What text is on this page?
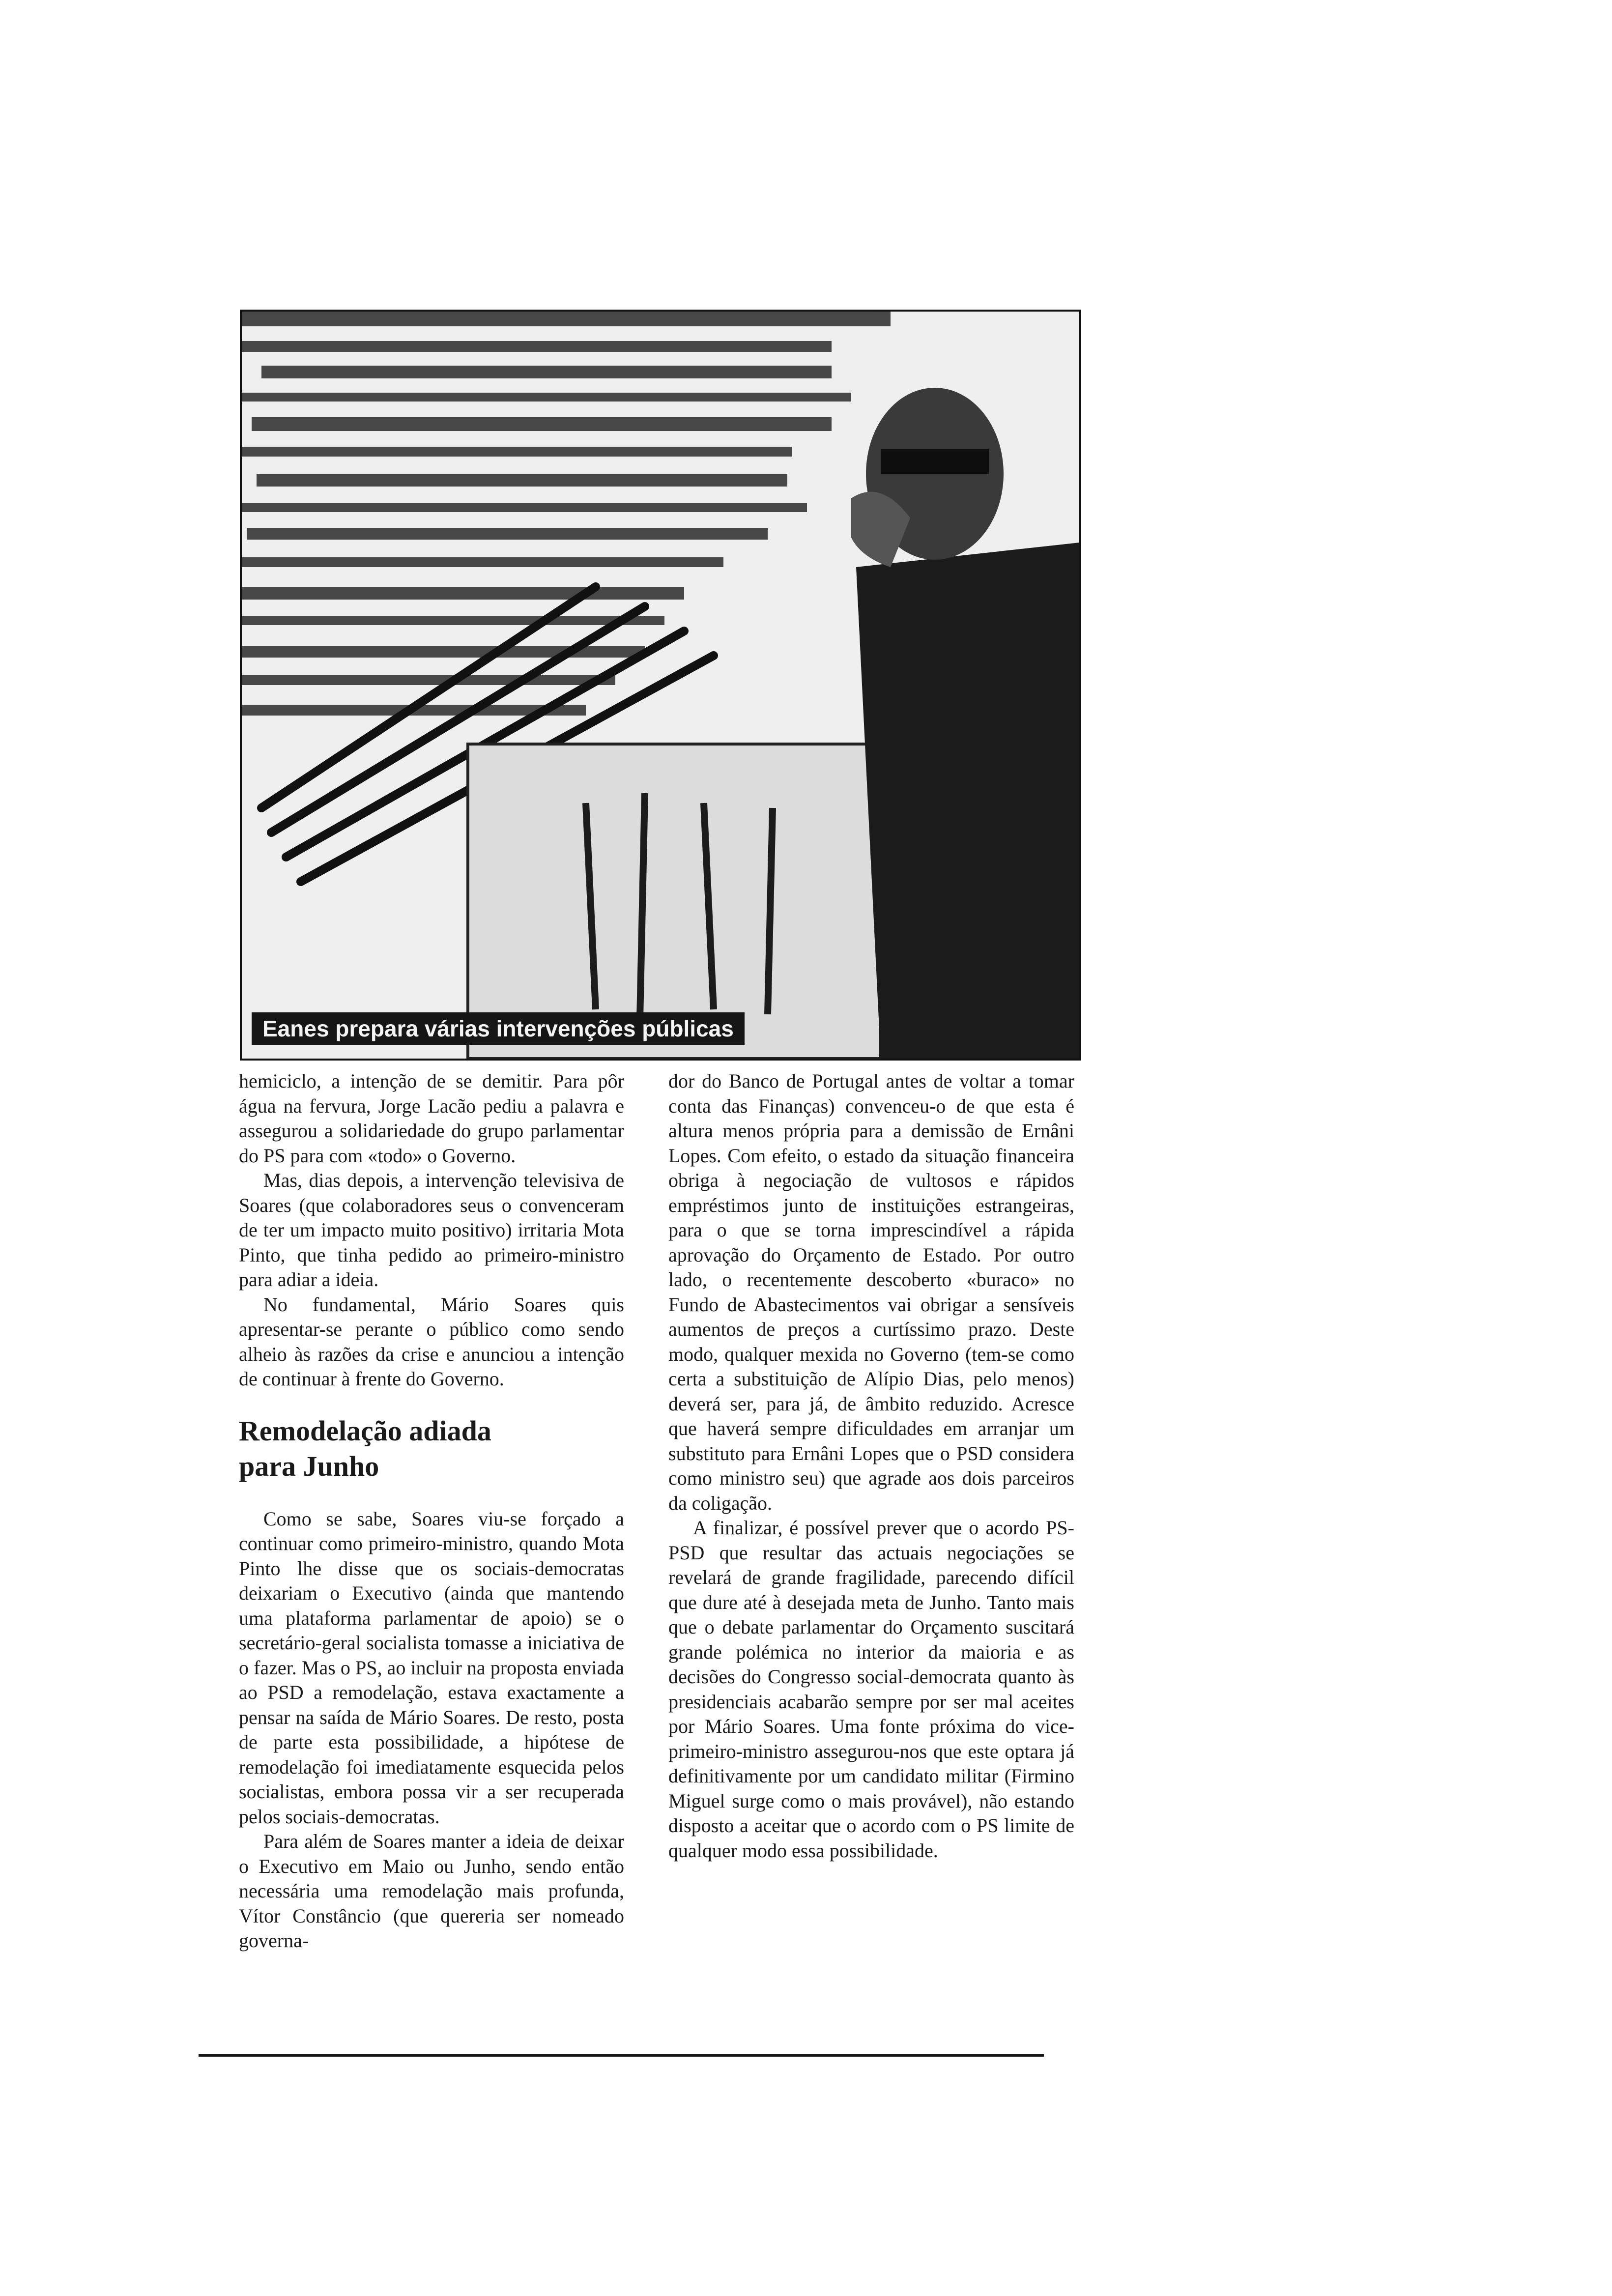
Eanes prepara várias intervenções públicas

hemiciclo, a intenção de se demitir. Para pôr água na fervura, Jorge Lacão pediu a palavra e assegurou a solidariedade do grupo parlamentar do PS para com «todo» o Governo.

Mas, dias depois, a intervenção televisiva de Soares (que colaboradores seus o convenceram de ter um impacto muito positivo) irritaria Mota Pinto, que tinha pedido ao primeiro-ministro para adiar a ideia.

No fundamental, Mário Soares quis apresentar-se perante o público como sendo alheio às razões da crise e anunciou a intenção de continuar à frente do Governo.

Remodelação adiada para Junho

Como se sabe, Soares viu-se forçado a continuar como primeiro-ministro, quando Mota Pinto lhe disse que os sociais-democratas deixariam o Executivo (ainda que mantendo uma plataforma parlamentar de apoio) se o secretário-geral socialista tomasse a iniciativa de o fazer. Mas o PS, ao incluir na proposta enviada ao PSD a remodelação, estava exactamente a pensar na saída de Mário Soares. De resto, posta de parte esta possibilidade, a hipótese de remodelação foi imediatamente esquecida pelos socialistas, embora possa vir a ser recuperada pelos sociais-democratas.

Para além de Soares manter a ideia de deixar o Executivo em Maio ou Junho, sendo então necessária uma remodelação mais profunda, Vítor Constâncio (que quereria ser nomeado governa-

dor do Banco de Portugal antes de voltar a tomar conta das Finanças) convenceu-o de que esta é altura menos própria para a demissão de Ernâni Lopes. Com efeito, o estado da situação financeira obriga à negociação de vultosos e rápidos empréstimos junto de instituições estrangeiras, para o que se torna imprescindível a rápida aprovação do Orçamento de Estado. Por outro lado, o recentemente descoberto «buraco» no Fundo de Abastecimentos vai obrigar a sensíveis aumentos de preços a curtíssimo prazo. Deste modo, qualquer mexida no Governo (tem-se como certa a substituição de Alípio Dias, pelo menos) deverá ser, para já, de âmbito reduzido. Acresce que haverá sempre dificuldades em arranjar um substituto para Ernâni Lopes que o PSD considera como ministro seu) que agrade aos dois parceiros da coligação.

A finalizar, é possível prever que o acordo PS-PSD que resultar das actuais negociações se revelará de grande fragilidade, parecendo difícil que dure até à desejada meta de Junho. Tanto mais que o debate parlamentar do Orçamento suscitará grande polémica no interior da maioria e as decisões do Congresso social-democrata quanto às presidenciais acabarão sempre por ser mal aceites por Mário Soares. Uma fonte próxima do vice-primeiro-ministro assegurou-nos que este optara já definitivamente por um candidato militar (Firmino Miguel surge como o mais provável), não estando disposto a aceitar que o acordo com o PS limite de qualquer modo essa possibilidade.
